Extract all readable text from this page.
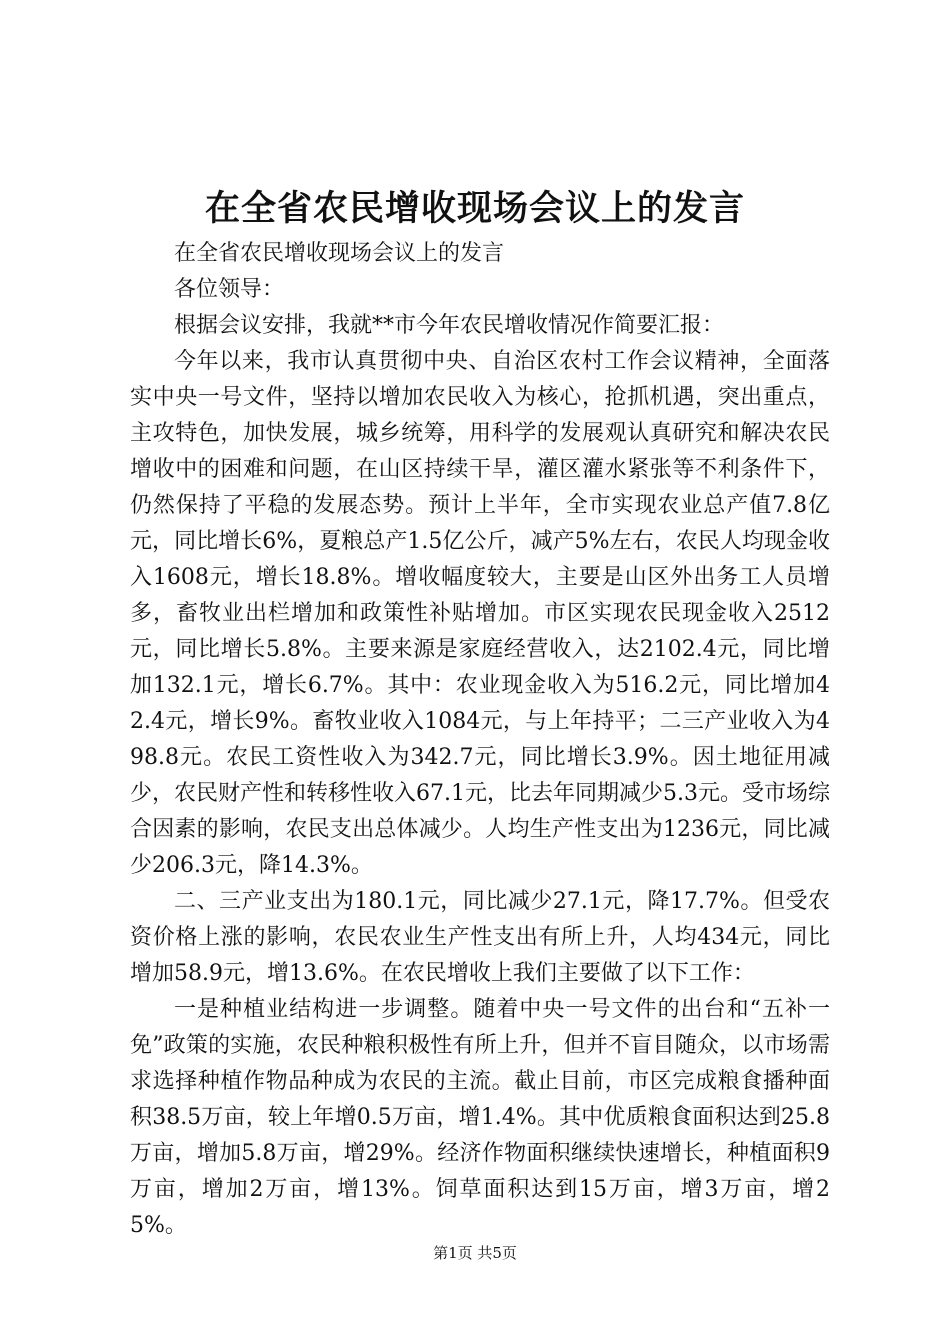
在全省农民增收现场会议上的发言

在全省农民增收现场会议上的发言

各位领导：

根据会议安排，我就**市今年农民增收情况作简要汇报：

今年以来，我市认真贯彻中央、自治区农村工作会议精神，全面落实中央一号文件，坚持以增加农民收入为核心，抢抓机遇，突出重点，主攻特色，加快发展，城乡统筹，用科学的发展观认真研究和解决农民增收中的困难和问题，在山区持续干旱，灌区灌水紧张等不利条件下，仍然保持了平稳的发展态势。预计上半年，全市实现农业总产值7.8亿元，同比增长6%，夏粮总产1.5亿公斤，减产5%左右，农民人均现金收入1608元，增长18.8%。增收幅度较大，主要是山区外出务工人员增多，畜牧业出栏增加和政策性补贴增加。市区实现农民现金收入2512元，同比增长5.8%。主要来源是家庭经营收入，达2102.4元，同比增加132.1元，增长6.7%。其中：农业现金收入为516.2元，同比增加42.4元，增长9%。畜牧业收入1084元，与上年持平；二三产业收入为498.8元。农民工资性收入为342.7元，同比增长3.9%。因土地征用减少，农民财产性和转移性收入67.1元，比去年同期减少5.3元。受市场综合因素的影响，农民支出总体减少。人均生产性支出为1236元，同比减少206.3元，降14.3%。

二、三产业支出为180.1元，同比减少27.1元，降17.7%。但受农资价格上涨的影响，农民农业生产性支出有所上升，人均434元，同比增加58.9元，增13.6%。在农民增收上我们主要做了以下工作：

一是种植业结构进一步调整。随着中央一号文件的出台和“五补一免”政策的实施，农民种粮积极性有所上升，但并不盲目随众，以市场需求选择种植作物品种成为农民的主流。截止目前，市区完成粮食播种面积38.5万亩，较上年增0.5万亩，增1.4%。其中优质粮食面积达到25.8万亩，增加5.8万亩，增29%。经济作物面积继续快速增长，种植面积9万亩，增加2万亩，增13%。饲草面积达到15万亩，增3万亩，增25%。

第1页 共5页
